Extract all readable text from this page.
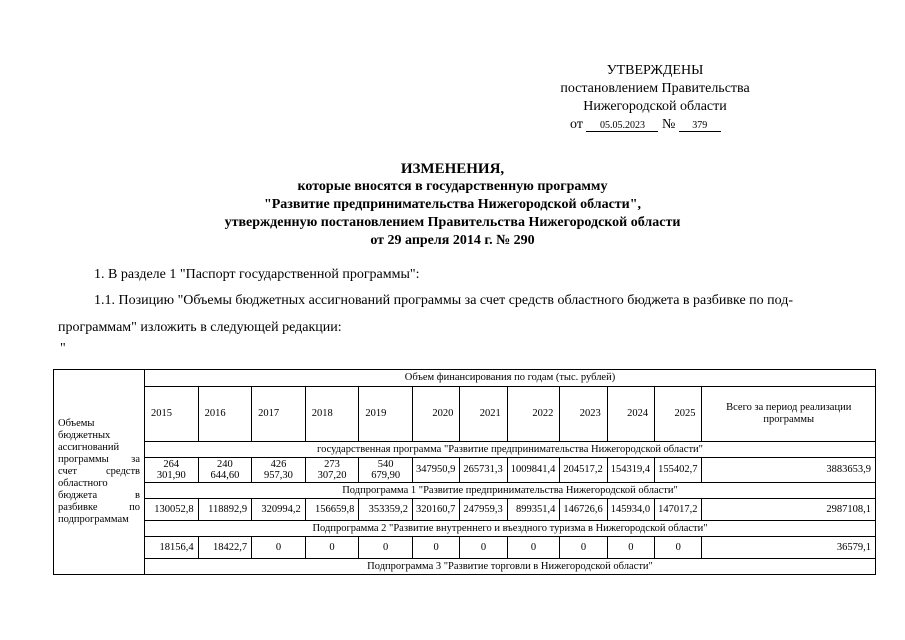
УТВЕРЖДЕНЫ
постановлением Правительства
Нижегородской области
от 05.05.2023 № 379
ИЗМЕНЕНИЯ,
которые вносятся в государственную программу
"Развитие предпринимательства Нижегородской области",
утвержденную постановлением Правительства Нижегородской области
от 29 апреля 2014 г. № 290
1. В разделе 1 "Паспорт государственной программы":
1.1. Позицию "Объемы бюджетных ассигнований программы за счет средств областного бюджета в разбивке по под-
программам" изложить в следующей редакции:
"
Объемы бюджетных ассигнований программы за счет средств областного бюджета в разбивке по подпрограммам	Объем финансирования по годам (тыс. рублей)											
	2015	2016	2017	2018	2019	2020	2021	2022	2023	2024	2025	Всего за период реализации программы
	государственная программа "Развитие предпринимательства Нижегородской области"											
	264 301,90	240 644,60	426 957,30	273 307,20	540 679,90	347950,9	265731,3	1009841,4	204517,2	154319,4	155402,7	3883653,9
	Подпрограмма 1 "Развитие предпринимательства Нижегородской области"											
	130052,8	118892,9	320994,2	156659,8	353359,2	320160,7	247959,3	899351,4	146726,6	145934,0	147017,2	2987108,1
	Подпрограмма 2 "Развитие внутреннего и въездного туризма в Нижегородской области"											
	18156,4	18422,7	0	0	0	0	0	0	0	0	0	36579,1
	Подпрограмма 3 "Развитие торговли в Нижегородской области"											
